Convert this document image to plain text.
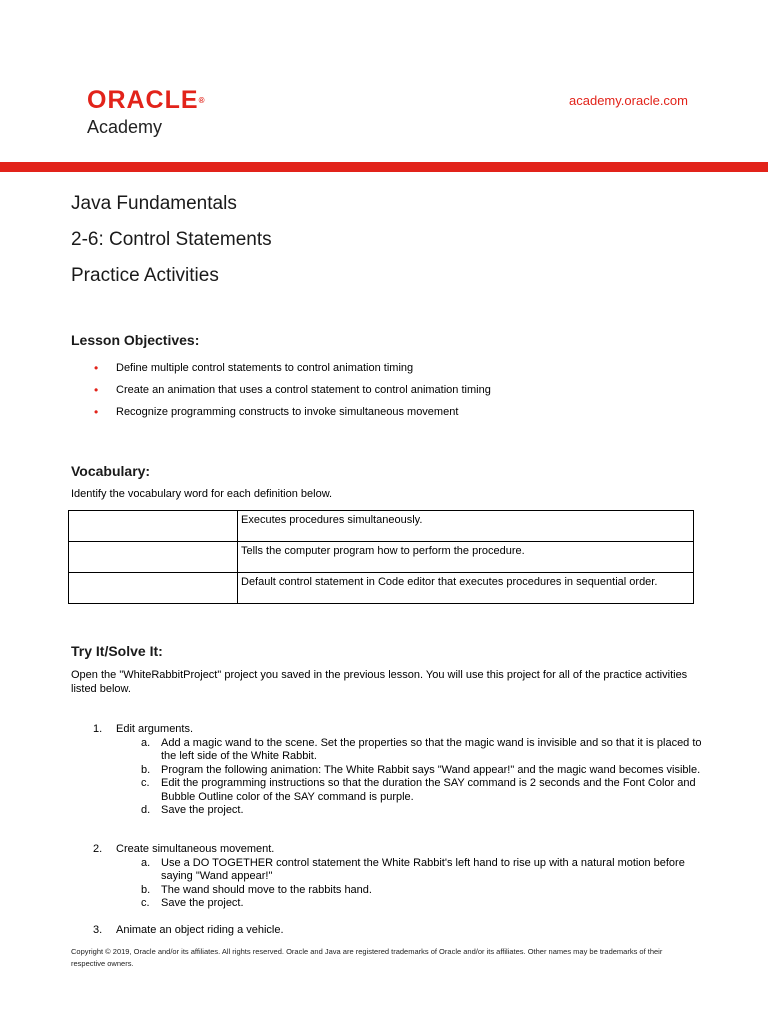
ORACLE®
Academy
academy.oracle.com
Java Fundamentals
2-6: Control Statements
Practice Activities
Lesson Objectives:
• Define multiple control statements to control animation timing
• Create an animation that uses a control statement to control animation timing
• Recognize programming constructs to invoke simultaneous movement
Vocabulary:
Identify the vocabulary word for each definition below.
	Executes procedures simultaneously.
	Tells the computer program how to perform the procedure.
	Default control statement in Code editor that executes procedures in sequential order.
Try It/Solve It:
Open the "WhiteRabbitProject" project you saved in the previous lesson. You will use this project for all of the practice activities listed below.
1. Edit arguments.
a. Add a magic wand to the scene. Set the properties so that the magic wand is invisible and so that it is placed to the left side of the White Rabbit.
b. Program the following animation: The White Rabbit says "Wand appear!" and the magic wand becomes visible.
c. Edit the programming instructions so that the duration the SAY command is 2 seconds and the Font Color and Bubble Outline color of the SAY command is purple.
d. Save the project.
2. Create simultaneous movement.
a. Use a DO TOGETHER control statement the White Rabbit's left hand to rise up with a natural motion before saying "Wand appear!"
b. The wand should move to the rabbits hand.
c. Save the project.
3. Animate an object riding a vehicle.
Copyright © 2019, Oracle and/or its affiliates. All rights reserved. Oracle and Java are registered trademarks of Oracle and/or its affiliates. Other names may be trademarks of their respective owners.
